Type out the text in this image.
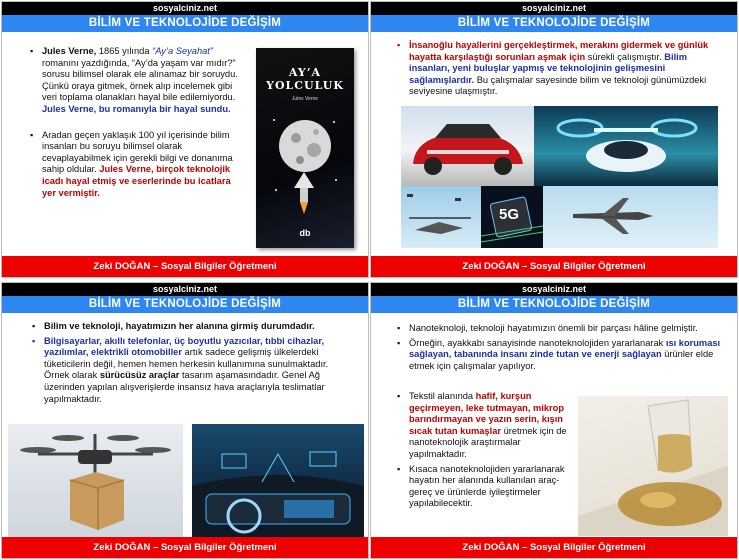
sosyalciniz.net
BİLİM VE TEKNOLOJİDE DEĞİŞİM
▪ Jules Verne, 1865 yılında “Ay’a Seyahat” romanını yazdığında, “Ay’da yaşam var mıdır?” sorusu bilimsel olarak ele alınamaz bir soruydu. Çünkü oraya gitmek, örnek alıp incelemek gibi veri toplama olanakları hayal bile edilemiyordu. Jules Verne, bu romanıyla bir hayal sundu.
▪ Aradan geçen yaklaşık 100 yıl içerisinde bilim insanları bu soruyu bilimsel olarak cevaplayabilmek için gerekli bilgi ve donanıma sahip oldular. Jules Verne, birçok teknolojik icadı hayal etmiş ve eserlerinde bu icatlara yer vermiştir.
AY’A
YOLCULUK
Jules Verne
db
Zeki DOĞAN – Sosyal Bilgiler Öğretmeni
sosyalciniz.net
BİLİM VE TEKNOLOJİDE DEĞİŞİM
▪ İnsanoğlu hayallerini gerçekleştirmek, merakını gidermek ve günlük hayatta karşılaştığı sorunları aşmak için sürekli çalışmıştır. Bilim insanları, yeni buluşlar yapmış ve teknolojinin gelişmesini sağlamışlardır. Bu çalışmalar sayesinde bilim ve teknoloji günümüzdeki seviyesine ulaşmıştır.
5G
Zeki DOĞAN – Sosyal Bilgiler Öğretmeni
sosyalciniz.net
BİLİM VE TEKNOLOJİDE DEĞİŞİM
▪ Bilim ve teknoloji, hayatımızın her alanına girmiş durumdadır.
▪ Bilgisayarlar, akıllı telefonlar, üç boyutlu yazıcılar, tıbbi cihazlar, yazılımlar, elektrikli otomobiller artık sadece gelişmiş ülkelerdeki tüketicilerin değil, hemen hemen herkesin kullanımına sunulmaktadır. Örnek olarak sürücüsüz araçlar tasarım aşamasındadır. Genel Ağ üzerinden yapılan alışverişlerde insansız hava araçlarıyla teslimatlar yapılmaktadır.
Zeki DOĞAN – Sosyal Bilgiler Öğretmeni
sosyalciniz.net
BİLİM VE TEKNOLOJİDE DEĞİŞİM
▪ Nanoteknoloji, teknoloji hayatımızın önemli bir parçası hâline gelmiştir.
▪ Örneğin, ayakkabı sanayisinde nanoteknolojiden yararlanarak ısı koruması sağlayan, tabanında insanı zinde tutan ve enerji sağlayan ürünler elde etmek için çalışmalar yapılıyor.
▪ Tekstil alanında hafif, kurşun geçirmeyen, leke tutmayan, mikrop barındırmayan ve yazın serin, kışın sıcak tutan kumaşlar üretmek için de nanoteknolojik araştırmalar yapılmaktadır.
▪ Kısaca nanoteknolojiden yararlanarak hayatın her alanında kullanılan araç- gereç ve ürünlerde iyileştirmeler yapılabilecektir.
Zeki DOĞAN – Sosyal Bilgiler Öğretmeni
